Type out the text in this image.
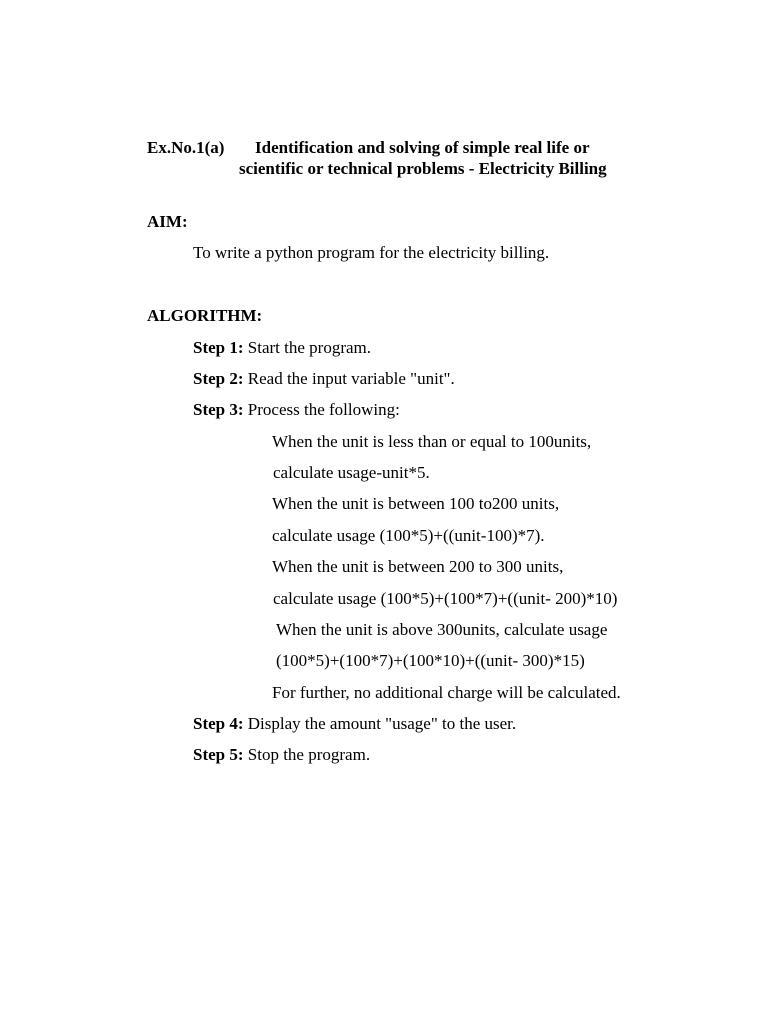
Ex.No.1(a) Identification and solving of simple real life or
scientific or technical problems - Electricity Billing
AIM:
To write a python program for the electricity billing.
ALGORITHM:
Step 1: Start the program.
Step 2: Read the input variable "unit".
Step 3: Process the following:
When the unit is less than or equal to 100units,
calculate usage-unit*5.
When the unit is between 100 to200 units,
calculate usage (100*5)+((unit-100)*7).
When the unit is between 200 to 300 units,
calculate usage (100*5)+(100*7)+((unit- 200)*10)
When the unit is above 300units, calculate usage
(100*5)+(100*7)+(100*10)+((unit- 300)*15)
For further, no additional charge will be calculated.
Step 4: Display the amount "usage" to the user.
Step 5: Stop the program.
